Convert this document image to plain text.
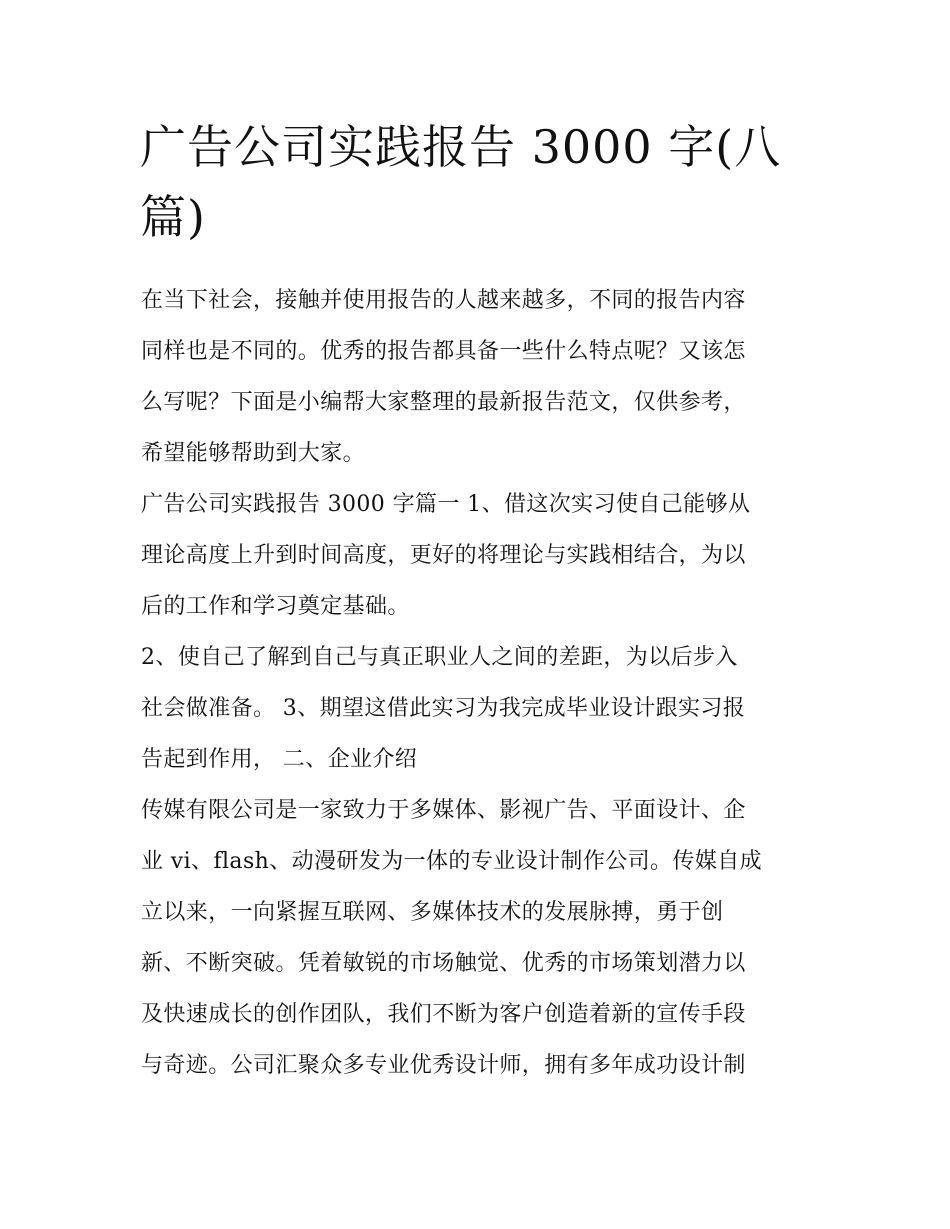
广告公司实践报告 3000 字(八
篇)
在当下社会，接触并使用报告的人越来越多，不同的报告内容
同样也是不同的。优秀的报告都具备一些什么特点呢？又该怎
么写呢？下面是小编帮大家整理的最新报告范文，仅供参考，
希望能够帮助到大家。
广告公司实践报告 3000 字篇一 1、借这次实习使自己能够从
理论高度上升到时间高度，更好的将理论与实践相结合，为以
后的工作和学习奠定基础。
2、使自己了解到自己与真正职业人之间的差距，为以后步入
社会做准备。 3、期望这借此实习为我完成毕业设计跟实习报
告起到作用， 二、企业介绍
传媒有限公司是一家致力于多媒体、影视广告、平面设计、企
业 vi、flash、动漫研发为一体的专业设计制作公司。传媒自成
立以来，一向紧握互联网、多媒体技术的发展脉搏，勇于创
新、不断突破。凭着敏锐的市场触觉、优秀的市场策划潜力以
及快速成长的创作团队，我们不断为客户创造着新的宣传手段
与奇迹。公司汇聚众多专业优秀设计师，拥有多年成功设计制
